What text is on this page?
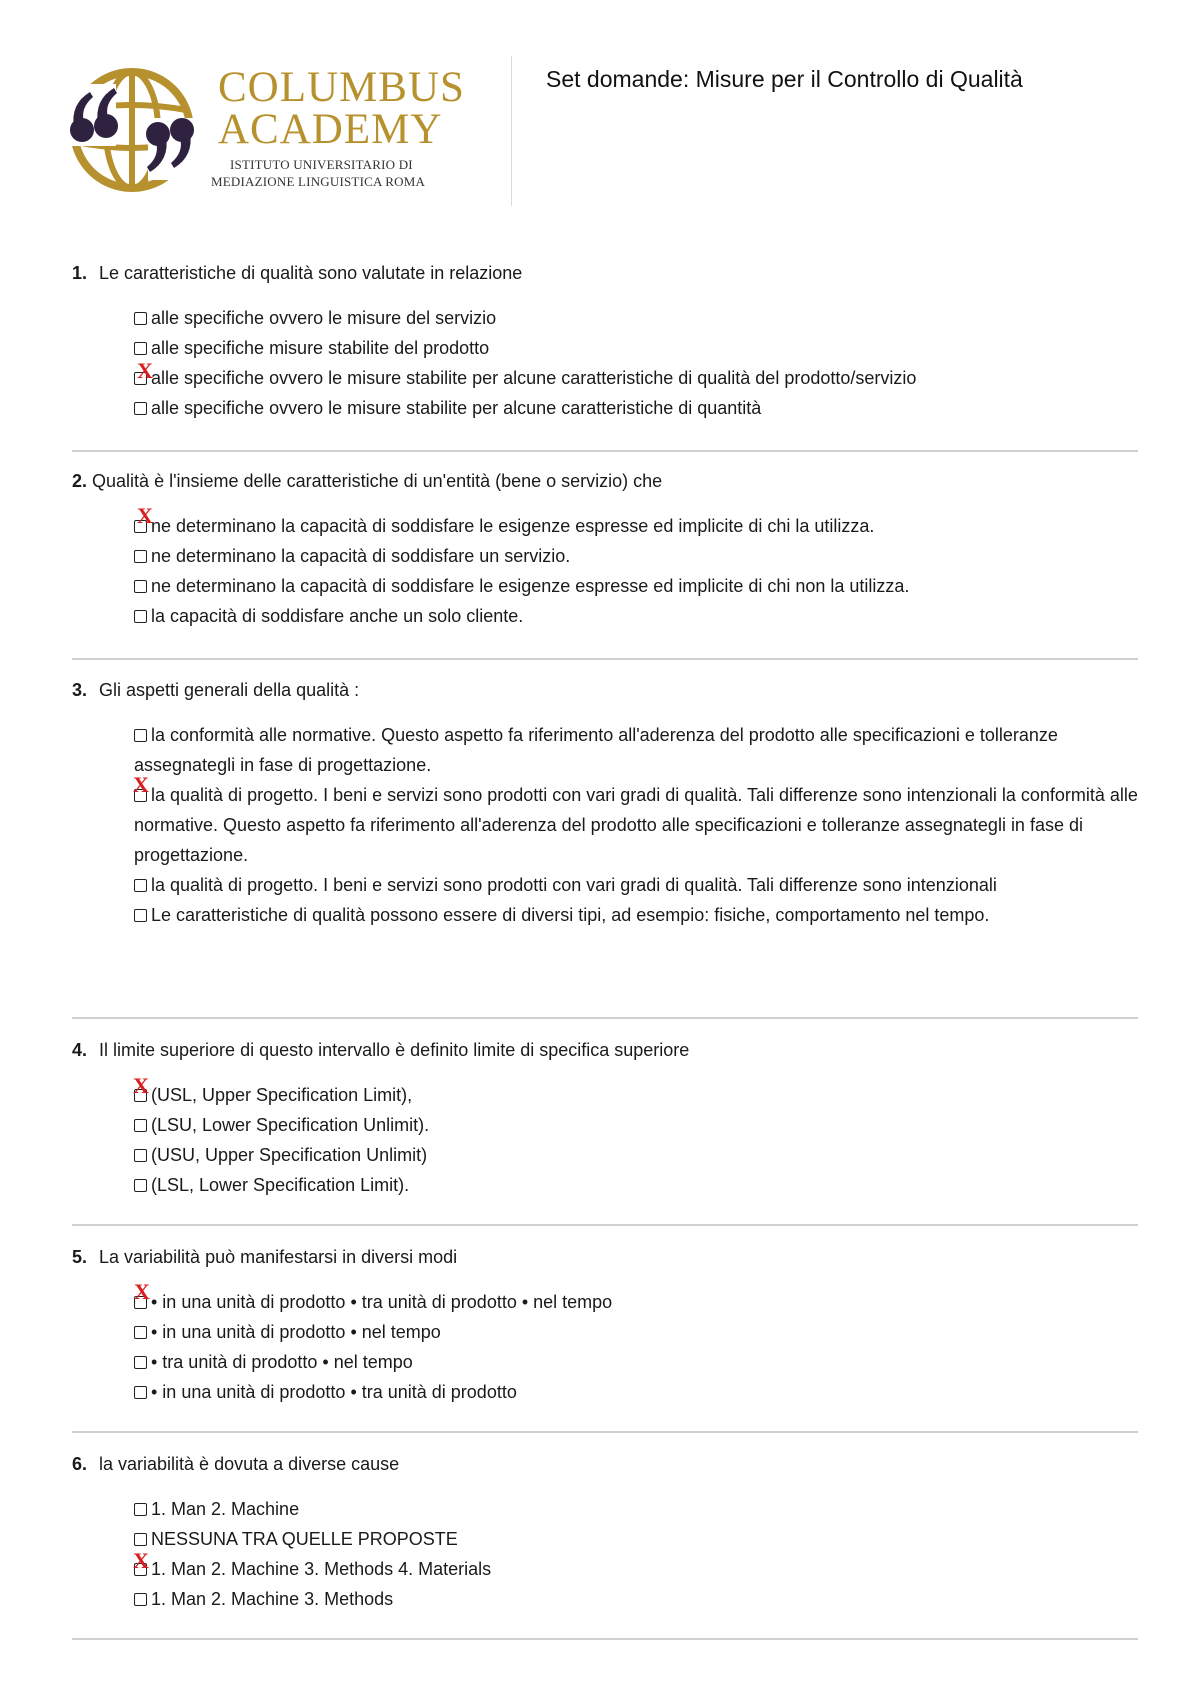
COLUMBUS
ACADEMY
ISTITUTO UNIVERSITARIO DI
MEDIAZIONE LINGUISTICA ROMA
Set domande: Misure per il Controllo di Qualità
1. Le caratteristiche di qualità sono valutate in relazione
alle specifiche ovvero le misure del servizio
alle specifiche misure stabilite del prodotto
X
alle specifiche ovvero le misure stabilite per alcune caratteristiche di qualità del prodotto/servizio
alle specifiche ovvero le misure stabilite per alcune caratteristiche di quantità
2. Qualità è l'insieme delle caratteristiche di un'entità (bene o servizio) che
X
ne determinano la capacità di soddisfare le esigenze espresse ed implicite di chi la utilizza.
ne determinano la capacità di soddisfare un servizio.
ne determinano la capacità di soddisfare le esigenze espresse ed implicite di chi non la utilizza.
la capacità di soddisfare anche un solo cliente.
3. Gli aspetti generali della qualità :
la conformità alle normative. Questo aspetto fa riferimento all'aderenza del prodotto alle specificazioni e tolleranze assegnategli in fase di progettazione.
X la qualità di progetto. I beni e servizi sono prodotti con vari gradi di qualità. Tali differenze sono intenzionali la conformità alle normative. Questo aspetto fa riferimento all'aderenza del prodotto alle specificazioni e tolleranze assegnategli in fase di progettazione.
la qualità di progetto. I beni e servizi sono prodotti con vari gradi di qualità. Tali differenze sono intenzionali
Le caratteristiche di qualità possono essere di diversi tipi, ad esempio: fisiche, comportamento nel tempo.
4. Il limite superiore di questo intervallo è definito limite di specifica superiore
X (USL, Upper Specification Limit),
(LSU, Lower Specification Unlimit).
(USU, Upper Specification Unlimit)
(LSL, Lower Specification Limit).
5. La variabilità può manifestarsi in diversi modi
X • in una unità di prodotto • tra unità di prodotto • nel tempo
• in una unità di prodotto • nel tempo
• tra unità di prodotto • nel tempo
• in una unità di prodotto • tra unità di prodotto
6. la variabilità è dovuta a diverse cause
1. Man 2. Machine
NESSUNA TRA QUELLE PROPOSTE
X 1. Man 2. Machine 3. Methods 4. Materials
1. Man 2. Machine 3. Methods
